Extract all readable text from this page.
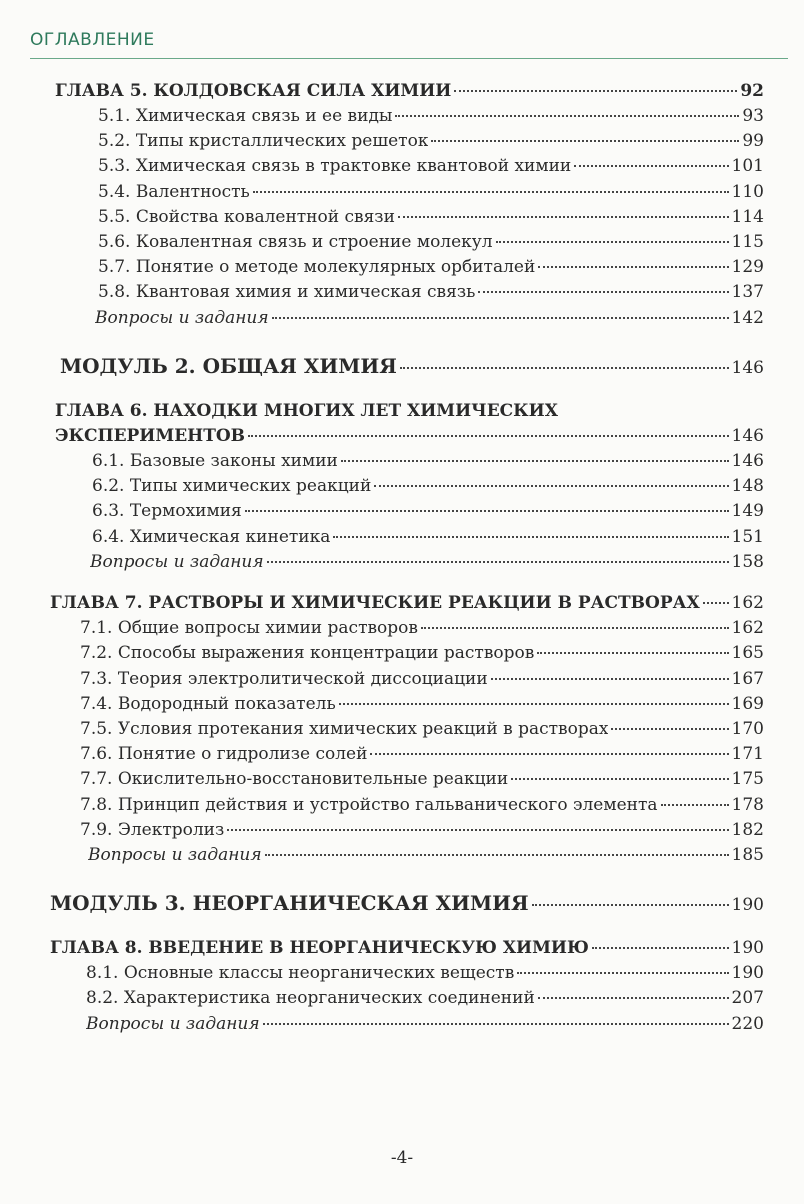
ОГЛАВЛЕНИЕ
ГЛАВА 5. КОЛДОВСКАЯ СИЛА ХИМИИ	92
5.1. Химическая связь и ее виды	93
5.2. Типы кристаллических решеток	99
5.3. Химическая связь в трактовке квантовой химии	101
5.4. Валентность	110
5.5. Свойства ковалентной связи	114
5.6. Ковалентная связь и строение молекул	115
5.7. Понятие о методе молекулярных орбиталей	129
5.8. Квантовая химия и химическая связь	137
Вопросы и задания	142
МОДУЛЬ 2. ОБЩАЯ ХИМИЯ	146
ГЛАВА 6. НАХОДКИ МНОГИХ ЛЕТ ХИМИЧЕСКИХ
ЭКСПЕРИМЕНТОВ	146
6.1. Базовые законы химии	146
6.2. Типы химических реакций	148
6.3. Термохимия	149
6.4. Химическая кинетика	151
Вопросы и задания	158
ГЛАВА 7. РАСТВОРЫ И ХИМИЧЕСКИЕ РЕАКЦИИ В РАСТВОРАХ 162
7.1. Общие вопросы химии растворов	162
7.2. Способы выражения концентрации растворов	165
7.3. Теория электролитической диссоциации	167
7.4. Водородный показатель	169
7.5. Условия протекания химических реакций в растворах	170
7.6. Понятие о гидролизе солей	171
7.7. Окислительно-восстановительные реакции	175
7.8. Принцип действия и устройство гальванического элемента	178
7.9. Электролиз	182
Вопросы и задания	185
МОДУЛЬ 3. НЕОРГАНИЧЕСКАЯ ХИМИЯ	190
ГЛАВА 8. ВВЕДЕНИЕ В НЕОРГАНИЧЕСКУЮ ХИМИЮ	190
8.1. Основные классы неорганических веществ	190
8.2. Характеристика неорганических соединений	207
Вопросы и задания	220
-4-
